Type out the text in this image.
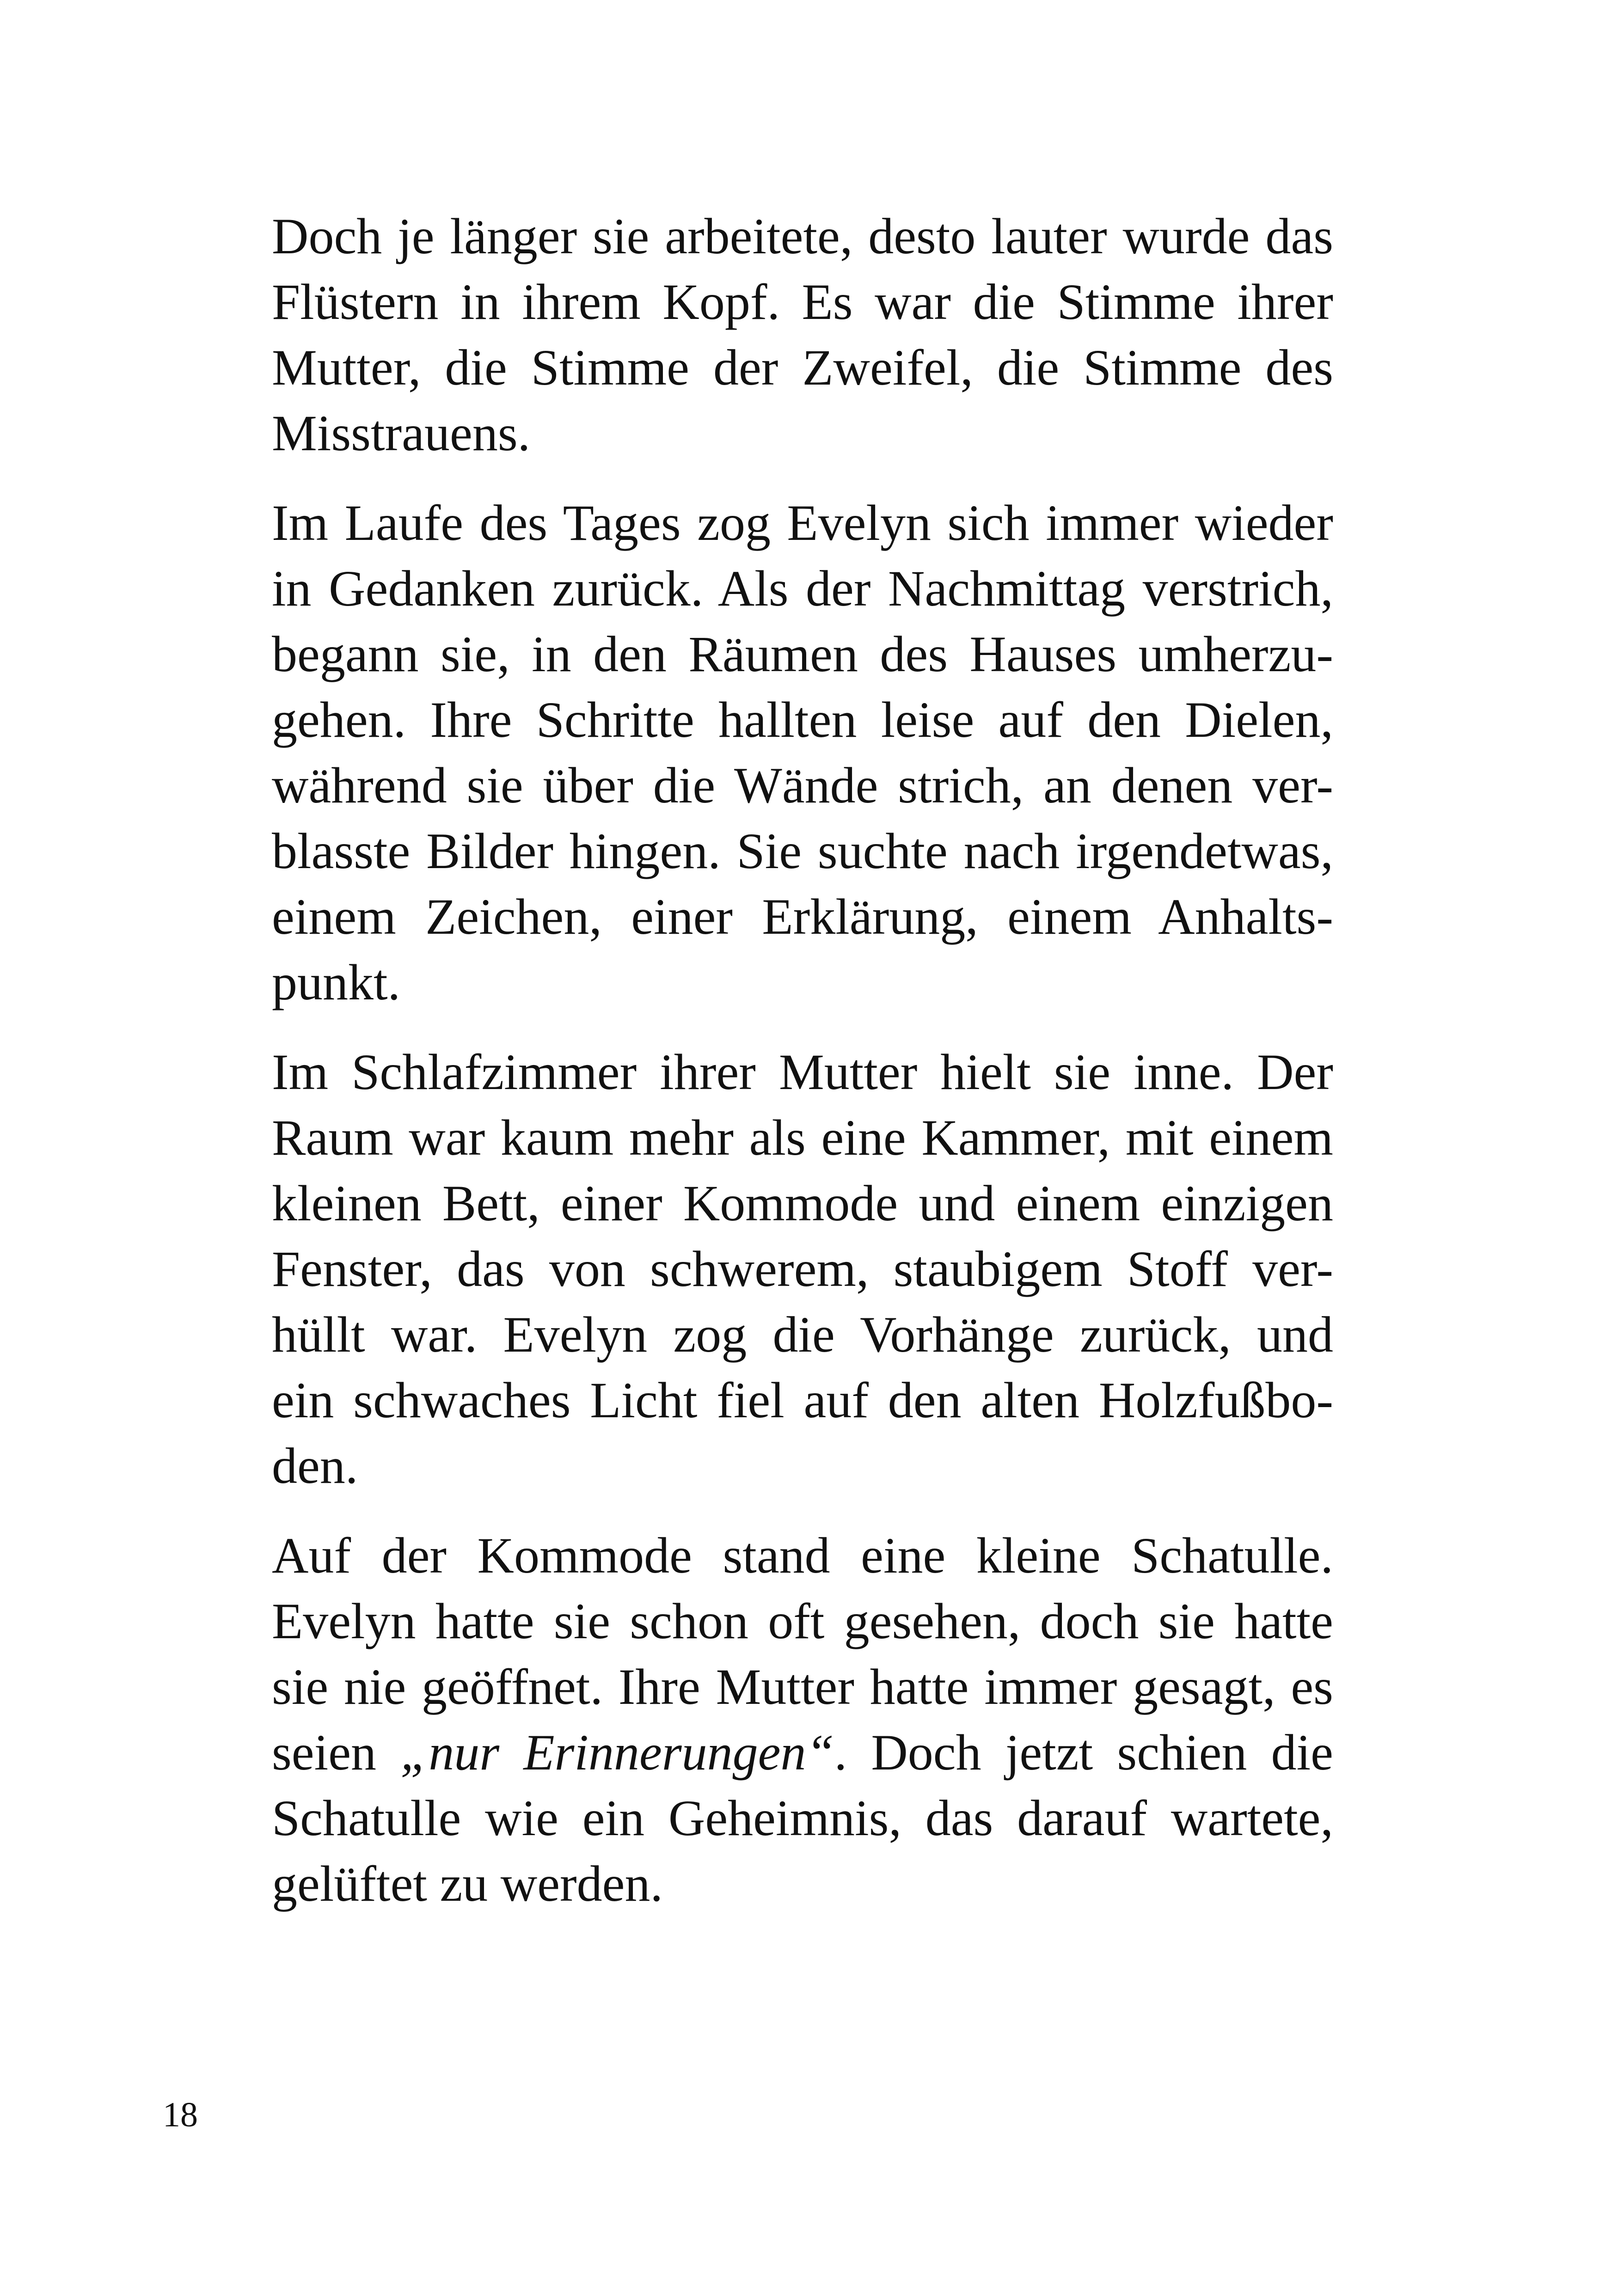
Doch je länger sie arbeitete, desto lauter wurde das
Flüstern in ihrem Kopf. Es war die Stimme ihrer
Mutter, die Stimme der Zweifel, die Stimme des
Misstrauens.

Im Laufe des Tages zog Evelyn sich immer wieder
in Gedanken zurück. Als der Nachmittag verstrich,
begann sie, in den Räumen des Hauses umherzu-
gehen. Ihre Schritte hallten leise auf den Dielen,
während sie über die Wände strich, an denen ver-
blasste Bilder hingen. Sie suchte nach irgendetwas,
einem Zeichen, einer Erklärung, einem Anhalts-
punkt.

Im Schlafzimmer ihrer Mutter hielt sie inne. Der
Raum war kaum mehr als eine Kammer, mit einem
kleinen Bett, einer Kommode und einem einzigen
Fenster, das von schwerem, staubigem Stoff ver-
hüllt war. Evelyn zog die Vorhänge zurück, und
ein schwaches Licht fiel auf den alten Holzfußbo-
den.

Auf der Kommode stand eine kleine Schatulle.
Evelyn hatte sie schon oft gesehen, doch sie hatte
sie nie geöffnet. Ihre Mutter hatte immer gesagt, es
seien „nur Erinnerungen“. Doch jetzt schien die
Schatulle wie ein Geheimnis, das darauf wartete,
gelüftet zu werden.

18
